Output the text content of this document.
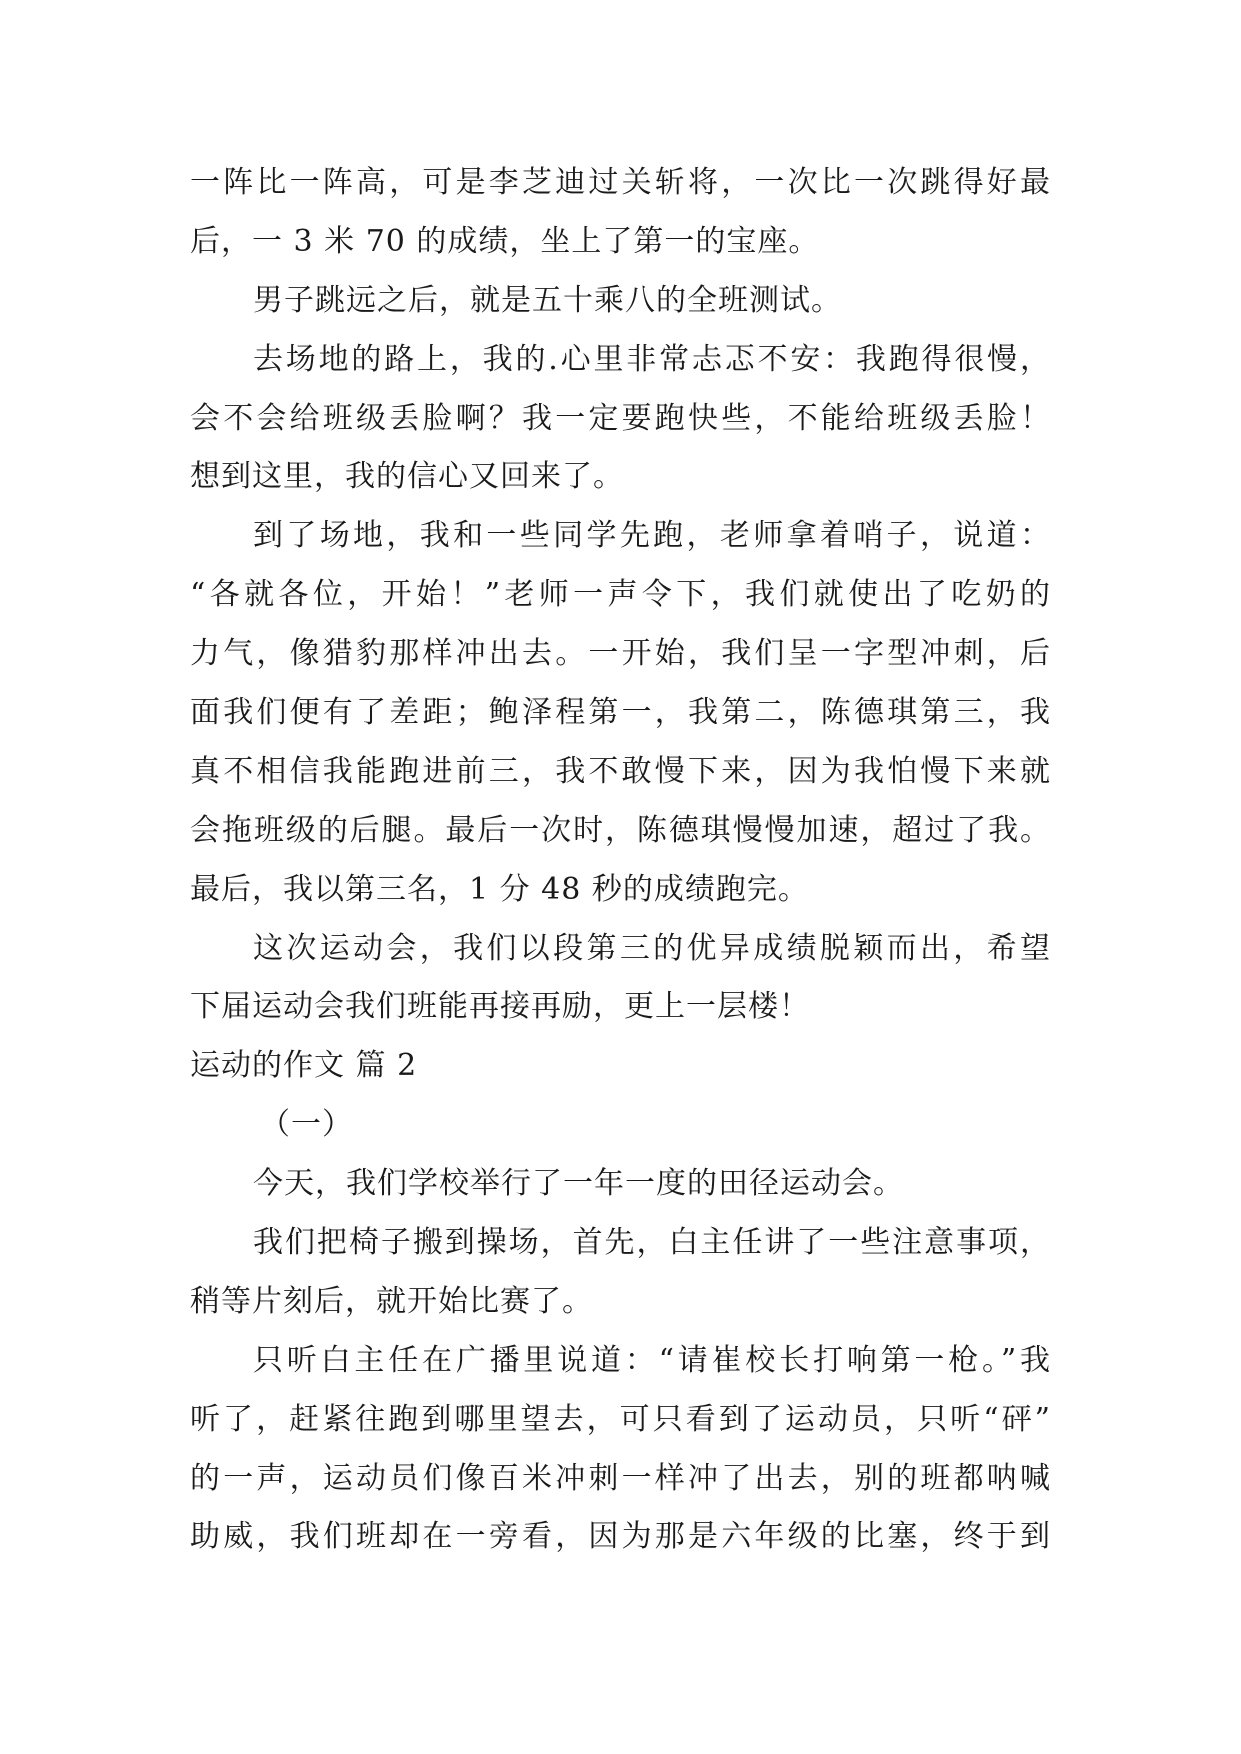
一阵比一阵高，可是李芝迪过关斩将，一次比一次跳得好最
后，一 3 米 70 的成绩，坐上了第一的宝座。
男子跳远之后，就是五十乘八的全班测试。
去场地的路上，我的.心里非常忐忑不安：我跑得很慢，
会不会给班级丢脸啊？我一定要跑快些，不能给班级丢脸！
想到这里，我的信心又回来了。
到了场地，我和一些同学先跑，老师拿着哨子，说道：
“各就各位，开始！”老师一声令下，我们就使出了吃奶的
力气，像猎豹那样冲出去。一开始，我们呈一字型冲刺，后
面我们便有了差距；鲍泽程第一，我第二，陈德琪第三，我
真不相信我能跑进前三，我不敢慢下来，因为我怕慢下来就
会拖班级的后腿。最后一次时，陈德琪慢慢加速，超过了我。
最后，我以第三名，1 分 48 秒的成绩跑完。
这次运动会，我们以段第三的优异成绩脱颖而出，希望
下届运动会我们班能再接再励，更上一层楼！
运动的作文 篇 2
（一）
今天，我们学校举行了一年一度的田径运动会。
我们把椅子搬到操场，首先，白主任讲了一些注意事项，
稍等片刻后，就开始比赛了。
只听白主任在广播里说道：“请崔校长打响第一枪。”我
听了，赶紧往跑到哪里望去，可只看到了运动员，只听“砰”
的一声，运动员们像百米冲刺一样冲了出去，别的班都呐喊
助威，我们班却在一旁看，因为那是六年级的比塞，终于到
